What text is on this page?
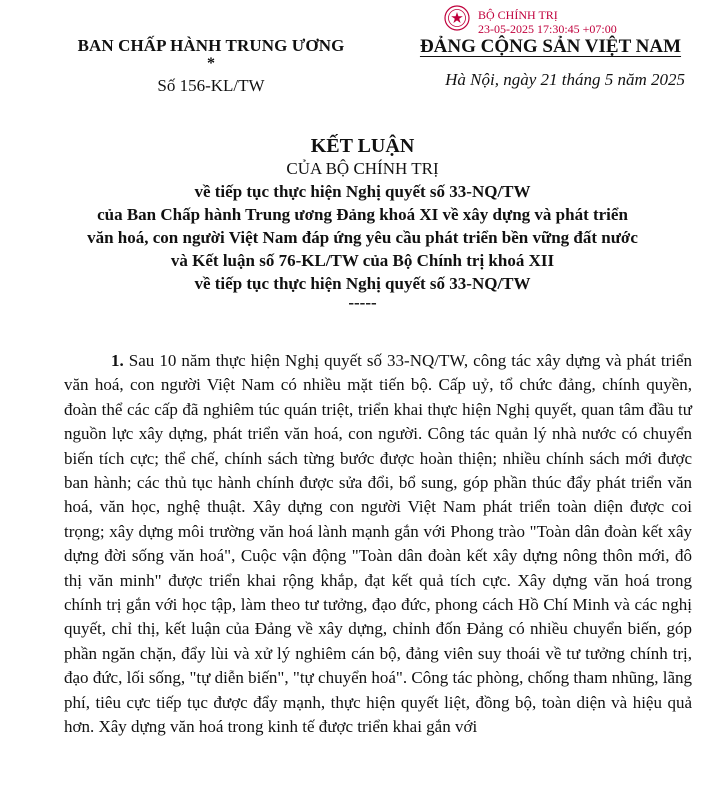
BỘ CHÍNH TRỊ
23-05-2025 17:30:45 +07:00
BAN CHẤP HÀNH TRUNG ƯƠNG
*
Số 156-KL/TW
ĐẢNG CỘNG SẢN VIỆT NAM
Hà Nội, ngày 21 tháng 5 năm 2025
KẾT LUẬN
CỦA BỘ CHÍNH TRỊ
về tiếp tục thực hiện Nghị quyết số 33-NQ/TW
của Ban Chấp hành Trung ương Đảng khoá XI về xây dựng và phát triển
văn hoá, con người Việt Nam đáp ứng yêu cầu phát triển bền vững đất nước
và Kết luận số 76-KL/TW của Bộ Chính trị khoá XII
về tiếp tục thực hiện Nghị quyết số 33-NQ/TW
-----

1. Sau 10 năm thực hiện Nghị quyết số 33-NQ/TW, công tác xây dựng và phát triển văn hoá, con người Việt Nam có nhiều mặt tiến bộ. Cấp uỷ, tổ chức đảng, chính quyền, đoàn thể các cấp đã nghiêm túc quán triệt, triển khai thực hiện Nghị quyết, quan tâm đầu tư nguồn lực xây dựng, phát triển văn hoá, con người. Công tác quản lý nhà nước có chuyển biến tích cực; thể chế, chính sách từng bước được hoàn thiện; nhiều chính sách mới được ban hành; các thủ tục hành chính được sửa đổi, bổ sung, góp phần thúc đẩy phát triển văn hoá, văn học, nghệ thuật. Xây dựng con người Việt Nam phát triển toàn diện được coi trọng; xây dựng môi trường văn hoá lành mạnh gắn với Phong trào "Toàn dân đoàn kết xây dựng đời sống văn hoá", Cuộc vận động "Toàn dân đoàn kết xây dựng nông thôn mới, đô thị văn minh" được triển khai rộng khắp, đạt kết quả tích cực. Xây dựng văn hoá trong chính trị gắn với học tập, làm theo tư tưởng, đạo đức, phong cách Hồ Chí Minh và các nghị quyết, chỉ thị, kết luận của Đảng về xây dựng, chỉnh đốn Đảng có nhiều chuyển biến, góp phần ngăn chặn, đẩy lùi và xử lý nghiêm cán bộ, đảng viên suy thoái về tư tưởng chính trị, đạo đức, lối sống, "tự diễn biến", "tự chuyển hoá". Công tác phòng, chống tham nhũng, lãng phí, tiêu cực tiếp tục được đẩy mạnh, thực hiện quyết liệt, đồng bộ, toàn diện và hiệu quả hơn. Xây dựng văn hoá trong kinh tế được triển khai gắn với
